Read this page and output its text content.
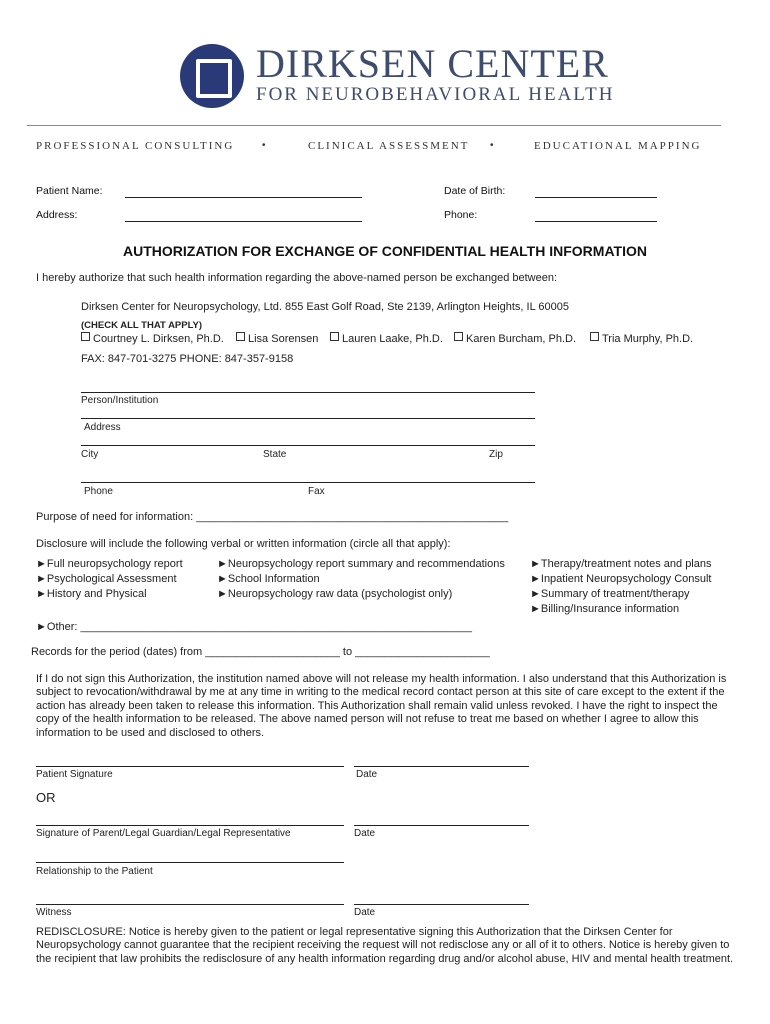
DIRKSEN CENTER
FOR NEUROBEHAVIORAL HEALTH
PROFESSIONAL CONSULTING	•	CLINICAL ASSESSMENT •	EDUCATIONAL MAPPING
Patient Name:	Date of Birth:
Address:	Phone:
AUTHORIZATION FOR EXCHANGE OF CONFIDENTIAL HEALTH INFORMATION
I hereby authorize that such health information regarding the above-named person be exchanged between:
Dirksen Center for Neuropsychology, Ltd. 855 East Golf Road, Ste 2139, Arlington Heights, IL 60005
(CHECK ALL THAT APPLY)
Courtney L. Dirksen, Ph.D.	Lisa Sorensen	Lauren Laake, Ph.D.	Karen Burcham, Ph.D.	Tria Murphy, Ph.D.
FAX: 847-701-3275 PHONE: 847-357-9158
Person/Institution
Address
City	State	Zip
Phone	Fax
Purpose of need for information: ___________________________________________________
Disclosure will include the following verbal or written information (circle all that apply):
►Full neuropsychology report
►Psychological Assessment
►History and Physical
►Neuropsychology report summary and recommendations
►School Information
►Neuropsychology raw data (psychologist only)
►Therapy/treatment notes and plans
►Inpatient Neuropsychology Consult
►Summary of treatment/therapy
►Billing/Insurance information
►Other: ________________________________________________________________
Records for the period (dates) from ______________________ to ______________________
If I do not sign this Authorization, the institution named above will not release my health information. I also understand that this Authorization is subject to revocation/withdrawal by me at any time in writing to the medical record contact person at this site of care except to the extent if the action has already been taken to release this information. This Authorization shall remain valid unless revoked. I have the right to inspect the copy of the health information to be released. The above named person will not refuse to treat me based on whether I agree to allow this information to be used and disclosed to others.
Patient Signature	Date
OR
Signature of Parent/Legal Guardian/Legal Representative	Date
Relationship to the Patient
Witness	Date
REDISCLOSURE: Notice is hereby given to the patient or legal representative signing this Authorization that the Dirksen Center for Neuropsychology cannot guarantee that the recipient receiving the request will not redisclose any or all of it to others. Notice is hereby given to the recipient that law prohibits the redisclosure of any health information regarding drug and/or alcohol abuse, HIV and mental health treatment.
